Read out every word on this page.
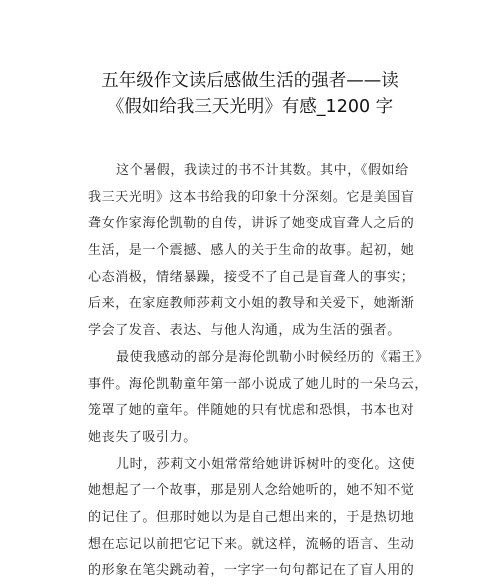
五年级作文读后感做生活的强者——读
《假如给我三天光明》有感_1200 字
这个暑假，我读过的书不计其数。其中，《假如给
我三天光明》这本书给我的印象十分深刻。它是美国盲
聋女作家海伦凯勒的自传，讲诉了她变成盲聋人之后的
生活，是一个震撼、感人的关于生命的故事。起初，她
心态消极，情绪暴躁，接受不了自己是盲聋人的事实；
后来，在家庭教师莎莉文小姐的教导和关爱下，她渐渐
学会了发音、表达、与他人沟通，成为生活的强者。
最使我感动的部分是海伦凯勒小时候经历的《霜王》
事件。海伦凯勒童年第一部小说成了她儿时的一朵乌云，
笼罩了她的童年。伴随她的只有忧虑和恐惧，书本也对
她丧失了吸引力。
儿时，莎莉文小姐常常给她讲诉树叶的变化。这使
她想起了一个故事，那是别人念给她听的，她不知不觉
的记住了。但那时她以为是自己想出来的，于是热切地
想在忘记以前把它记下来。就这样，流畅的语言、生动
的形象在笔尖跳动着，一字字一句句都记在了盲人用的
